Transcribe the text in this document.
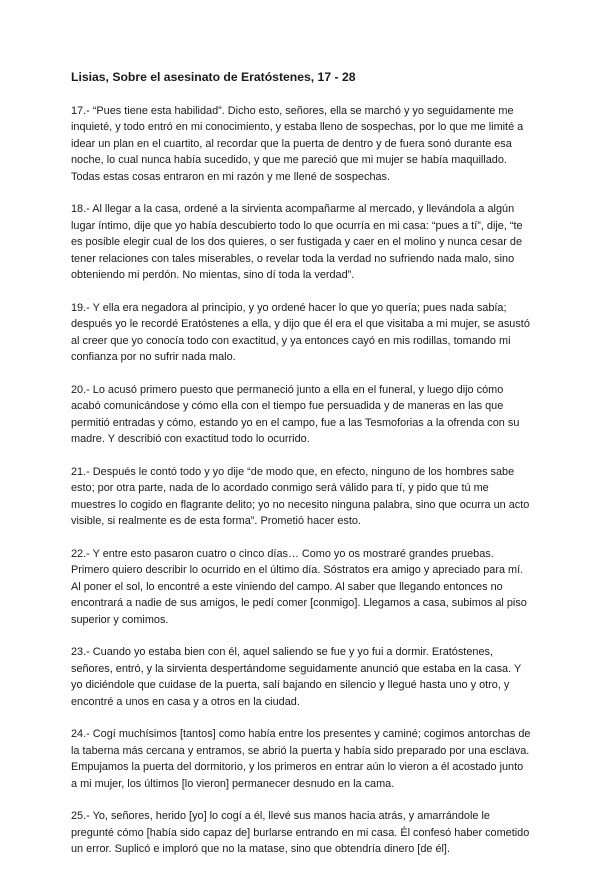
Lisias, Sobre el asesinato de Eratóstenes, 17 - 28

17.- “Pues tiene esta habilidad”. Dicho esto, señores, ella se marchó y yo seguidamente me inquieté, y todo entró en mi conocimiento, y estaba lleno de sospechas, por lo que me limité a idear un plan en el cuartito, al recordar que la puerta de dentro y de fuera sonó durante esa noche, lo cual nunca había sucedido, y que me pareció que mi mujer se había maquillado. Todas estas cosas entraron en mi razón y me llené de sospechas.

18.- Al llegar a la casa, ordené a la sirvienta acompañarme al mercado, y llevándola a algún lugar íntimo, dije que yo había descubierto todo lo que ocurría en mi casa: “pues a tí”, dije, “te es posible elegir cual de los dos quieres, o ser fustigada y caer en el molino y nunca cesar de tener relaciones con tales miserables, o revelar toda la verdad no sufriendo nada malo, sino obteniendo mi perdón. No mientas, sino dí toda la verdad”.

19.- Y ella era negadora al principio, y yo ordené hacer lo que yo quería; pues nada sabía; después yo le recordé Eratóstenes a ella, y dijo que él era el que visitaba a mi mujer, se asustó al creer que yo conocía todo con exactitud, y ya entonces cayó en mis rodillas, tomando mi confianza por no sufrir nada malo.

20.- Lo acusó primero puesto que permaneció junto a ella en el funeral, y luego dijo cómo acabó comunicándose y cómo ella con el tiempo fue persuadida y de maneras en las que permitió entradas y cómo, estando yo en el campo, fue a las Tesmoforias a la ofrenda con su madre. Y describió con exactitud todo lo ocurrido.

21.- Después le contó todo y yo dije “de modo que, en efecto, ninguno de los hombres sabe esto; por otra parte, nada de lo acordado conmigo será válido para tí, y pido que tú me muestres lo cogido en flagrante delito; yo no necesito ninguna palabra, sino que ocurra un acto visible, si realmente es de esta forma”. Prometió hacer esto.

22.- Y entre esto pasaron cuatro o cinco días… Como yo os mostraré grandes pruebas. Primero quiero describir lo ocurrido en el último día. Sóstratos era amigo y apreciado para mí. Al poner el sol, lo encontré a este viniendo del campo. Al saber que llegando entonces no encontrará a nadie de sus amigos, le pedí comer [conmigo]. Llegamos a casa, subimos al piso superior y comimos.

23.- Cuando yo estaba bien con él, aquel saliendo se fue y yo fui a dormir. Eratóstenes, señores, entró, y la sirvienta despertándome seguidamente anunció que estaba en la casa. Y yo diciéndole que cuidase de la puerta, salí bajando en silencio y llegué hasta uno y otro, y encontré a unos en casa y a otros en la ciudad.

24.- Cogí muchísimos [tantos] como había entre los presentes y caminé; cogimos antorchas de la taberna más cercana y entramos, se abrió la puerta y había sido preparado por una esclava. Empujamos la puerta del dormitorio, y los primeros en entrar aún lo vieron a él acostado junto a mi mujer, los últimos [lo vieron] permanecer desnudo en la cama.

25.- Yo, señores, herido [yo] lo cogí a él, llevé sus manos hacia atrás, y amarrándole le pregunté cómo [había sido capaz de] burlarse entrando en mi casa. Él confesó haber cometido un error. Suplicó e imploró que no la matase, sino que obtendría dinero [de él].
